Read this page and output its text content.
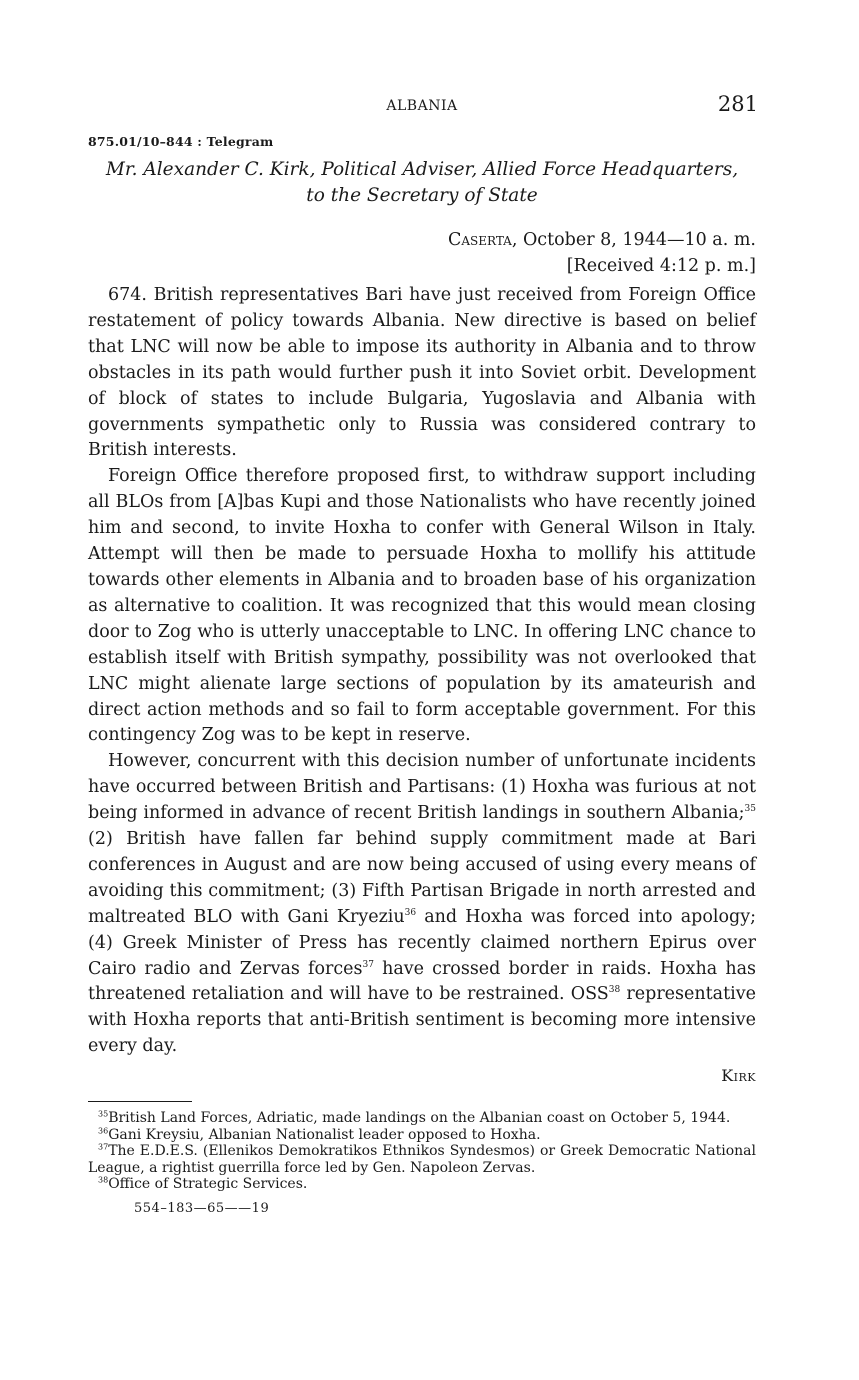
ALBANIA	281
875.01/10–844 : Telegram
Mr. Alexander C. Kirk, Political Adviser, Allied Force Headquarters,
to the Secretary of State
Caserta, October 8, 1944—10 a. m.
[Received 4:12 p. m.]

674. British representatives Bari have just received from Foreign Office restatement of policy towards Albania. New directive is based on belief that LNC will now be able to impose its authority in Albania and to throw obstacles in its path would further push it into Soviet orbit. Development of block of states to include Bulgaria, Yugoslavia and Albania with governments sympathetic only to Russia was considered contrary to British interests.

Foreign Office therefore proposed first, to withdraw support including all BLOs from [A]bas Kupi and those Nationalists who have recently joined him and second, to invite Hoxha to confer with General Wilson in Italy. Attempt will then be made to persuade Hoxha to mollify his attitude towards other elements in Albania and to broaden base of his organization as alternative to coalition. It was recognized that this would mean closing door to Zog who is utterly unacceptable to LNC. In offering LNC chance to establish itself with British sympathy, possibility was not overlooked that LNC might alienate large sections of population by its amateurish and direct action methods and so fail to form acceptable government. For this contingency Zog was to be kept in reserve.

However, concurrent with this decision number of unfortunate incidents have occurred between British and Partisans: (1) Hoxha was furious at not being informed in advance of recent British landings in southern Albania;$^{35}$ (2) British have fallen far behind supply commitment made at Bari conferences in August and are now being accused of using every means of avoiding this commitment; (3) Fifth Partisan Brigade in north arrested and maltreated BLO with Gani Kryeziu$^{36}$ and Hoxha was forced into apology; (4) Greek Minister of Press has recently claimed northern Epirus over Cairo radio and Zervas forces$^{37}$ have crossed border in raids. Hoxha has threatened retaliation and will have to be restrained. OSS$^{38}$ representative with Hoxha reports that anti-British sentiment is becoming more intensive every day.

Kirk

$^{35}$British Land Forces, Adriatic, made landings on the Albanian coast on October 5, 1944.

$^{36}$Gani Kreysiu, Albanian Nationalist leader opposed to Hoxha.

$^{37}$The E.D.E.S. (Ellenikos Demokratikos Ethnikos Syndesmos) or Greek Democratic National League, a rightist guerrilla force led by Gen. Napoleon Zervas.

$^{38}$Office of Strategic Services.

554–183—65——19
